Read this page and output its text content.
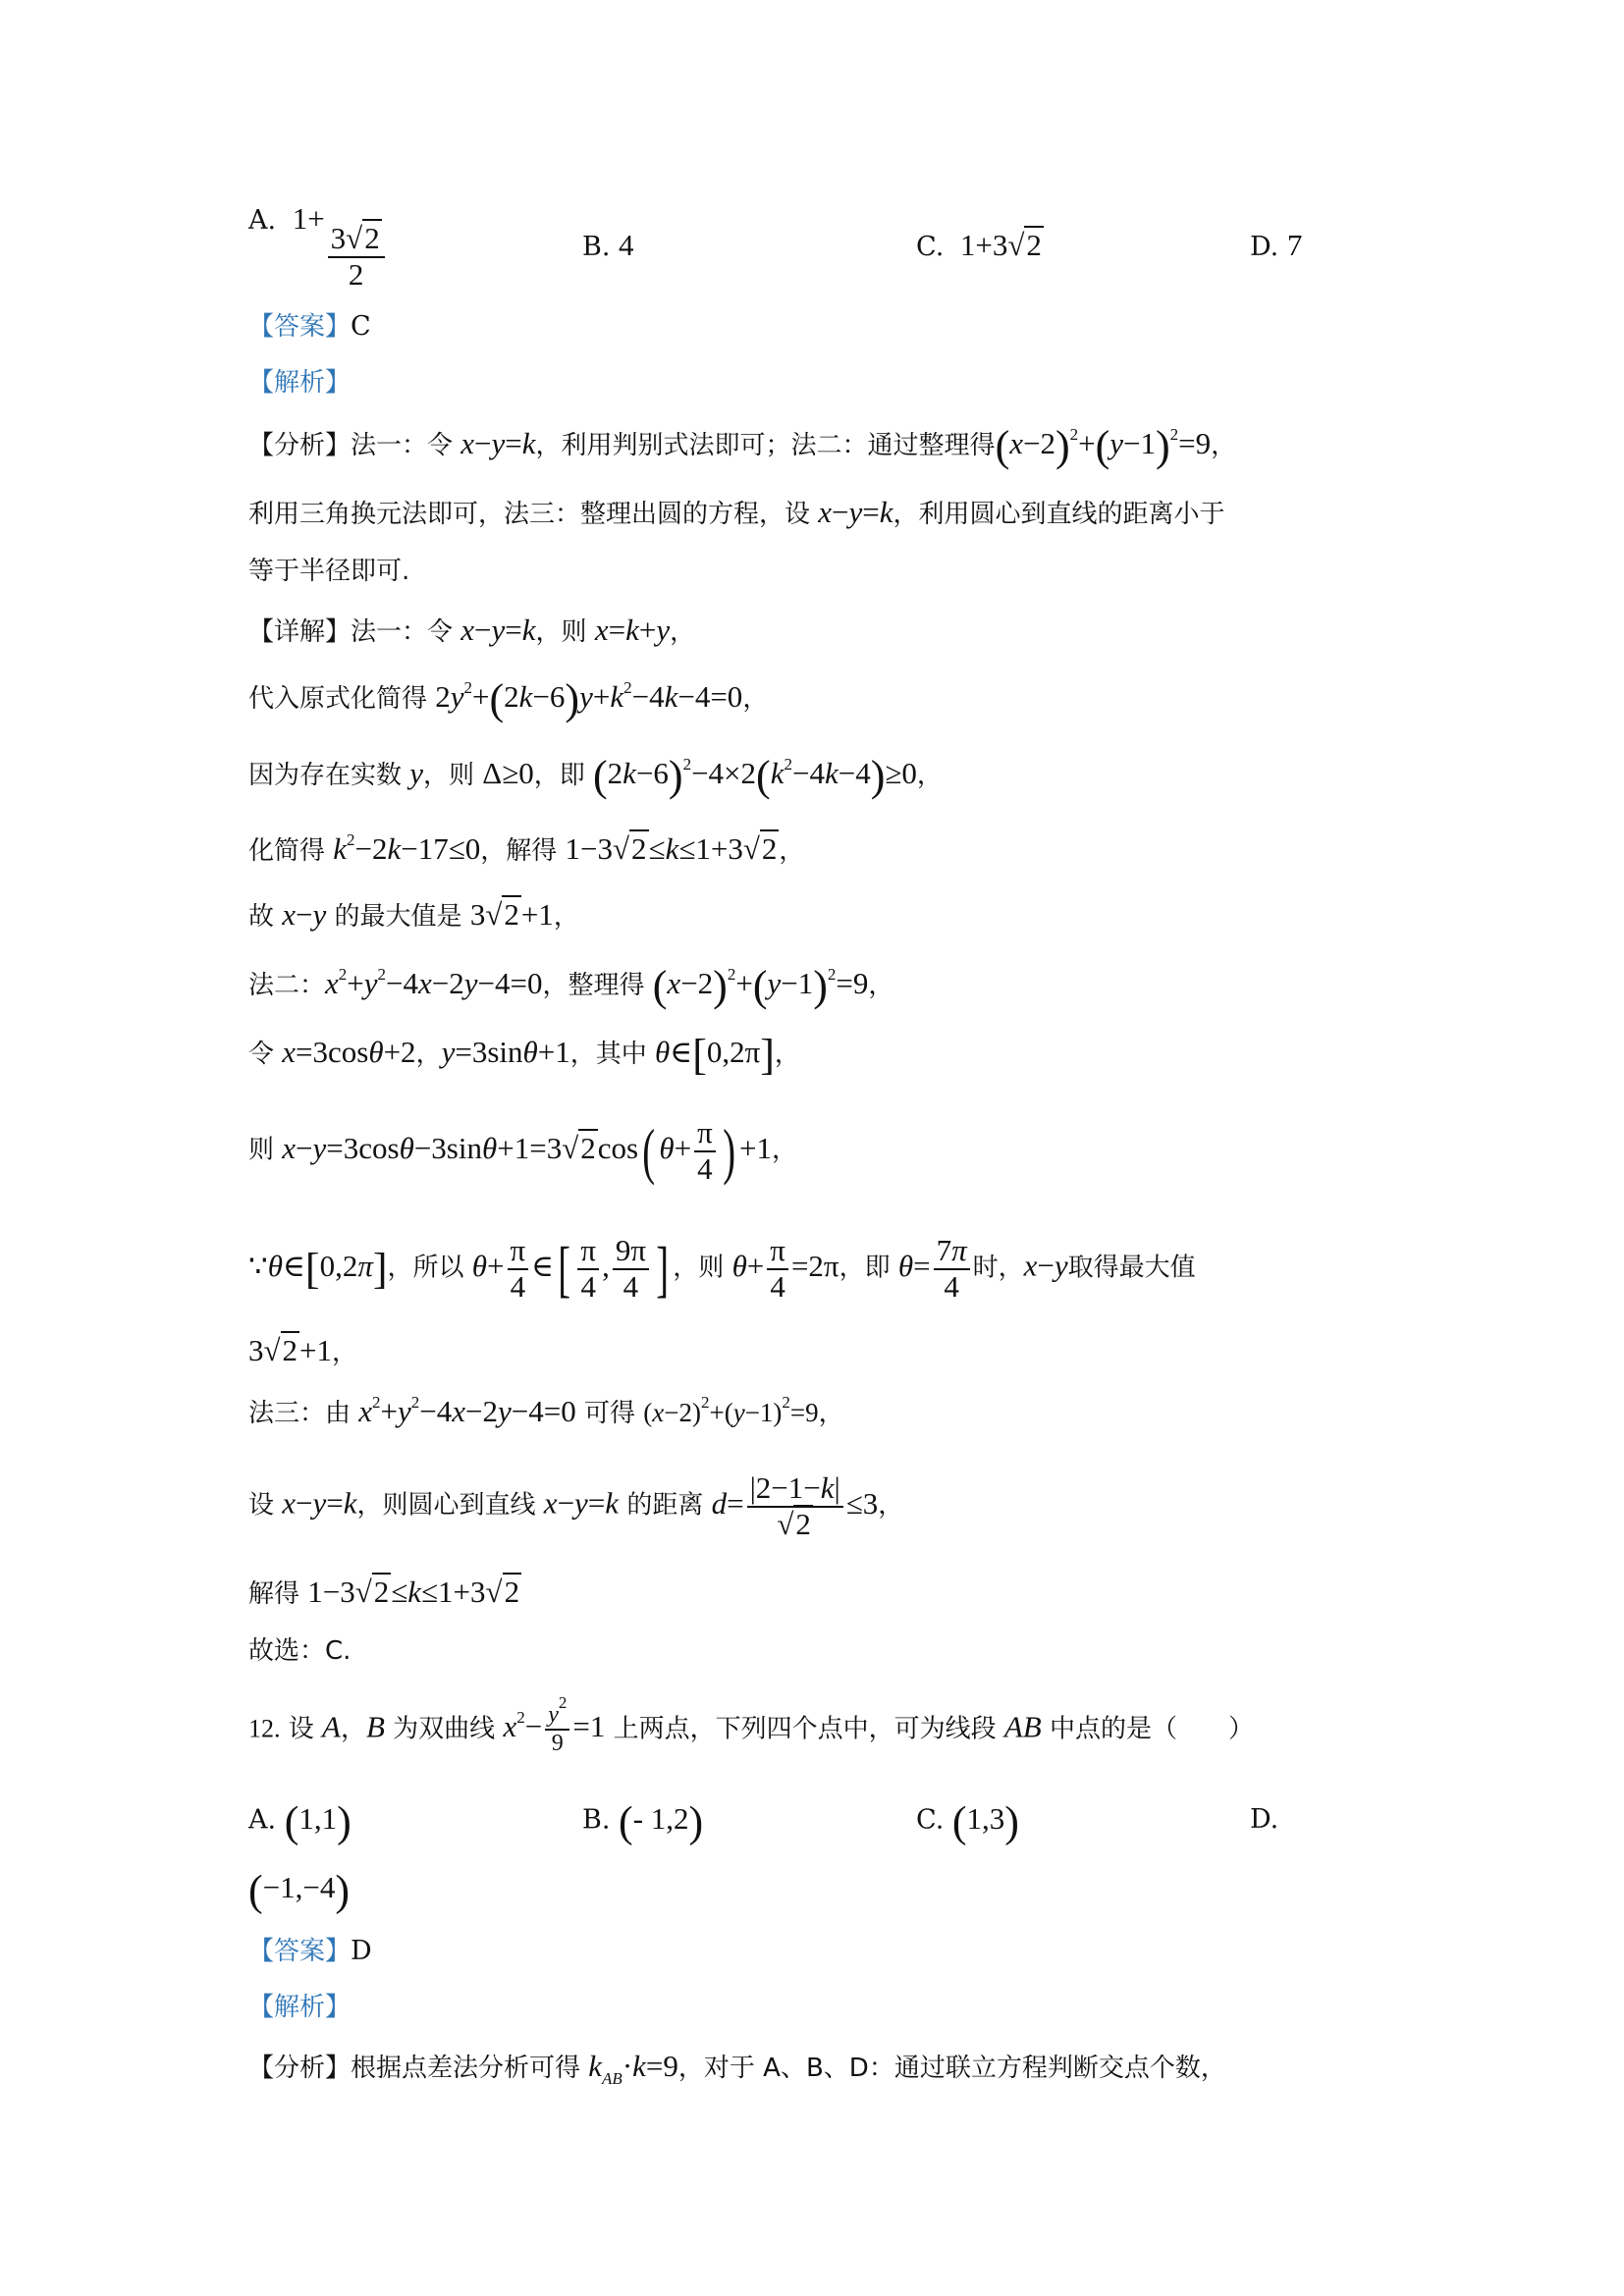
A. 1+
$\frac{3√2}{2}$	B. 4	C. 1+3√2	D. 7
【答案】C
【解析】
【分析】法一：令 x−y=k，利用判别式法即可；法二：通过整理得$(x-2)^2+(y-1)^2=9$，
利用三角换元法即可，法三：整理出圆的方程，设 x−y=k，利用圆心到直线的距离小于
等于半径即可.
【详解】法一：令 x−y=k，则 x=k+y，
代入原式化简得 $2y^2+(2k-6)y+k^2-4k-4=0$，
因为存在实数 y，则 Δ≥0，即 $(2k-6)^2-4\times 2(k^2-4k-4)\ge 0$，
化简得 $k^2-2k-17\le 0$，解得 1−3√2≤k≤1+3√2，
故 x−y 的最大值是 3√2+1，
法二：$x^2+y^2-4x-2y-4=0$，整理得 $(x-2)^2+(y-1)^2=9$，
令 x=3cosθ+2，y=3sinθ+1，其中 θ∈[0,2π]，
则 x−y=3cosθ−3sinθ+1=3√2cos( $\theta+ \frac{\pi}{4}$ ) +1，
∵θ∈[0,2π]，所以 $\theta+ \frac{\pi}{4}$ ∈[ $\frac{\pi}{4}$ , $\frac{9\pi}{4}$ ] ，则 $\theta+ \frac{\pi}{4} =2\pi$，即 $\theta= \frac{7\pi}{4}$ 时，x−y取得最大值
3√2+1，
法三：由 $x^2+y^2-4x-2y-4=0$ 可得 $(x-2)^2+(y-1)^2=9$，
设 x−y=k，则圆心到直线 x−y=k 的距离 $d= \frac{|2-1-k|}{√2} \le 3$，
解得 1−3√2≤k≤1+3√2
故选：C.
12. 设 A，B 为双曲线 $x^2- \frac{y^2}{9} =1$ 上两点，下列四个点中，可为线段 AB 中点的是（　　）
A. (1,1)	B. (- 1,2)	C. (1,3)	D.
(−1,−4)
【答案】D
【解析】
【分析】根据点差法分析可得 $k_{AB}\cdot k=9$，对于 A、B、D：通过联立方程判断交点个数，
